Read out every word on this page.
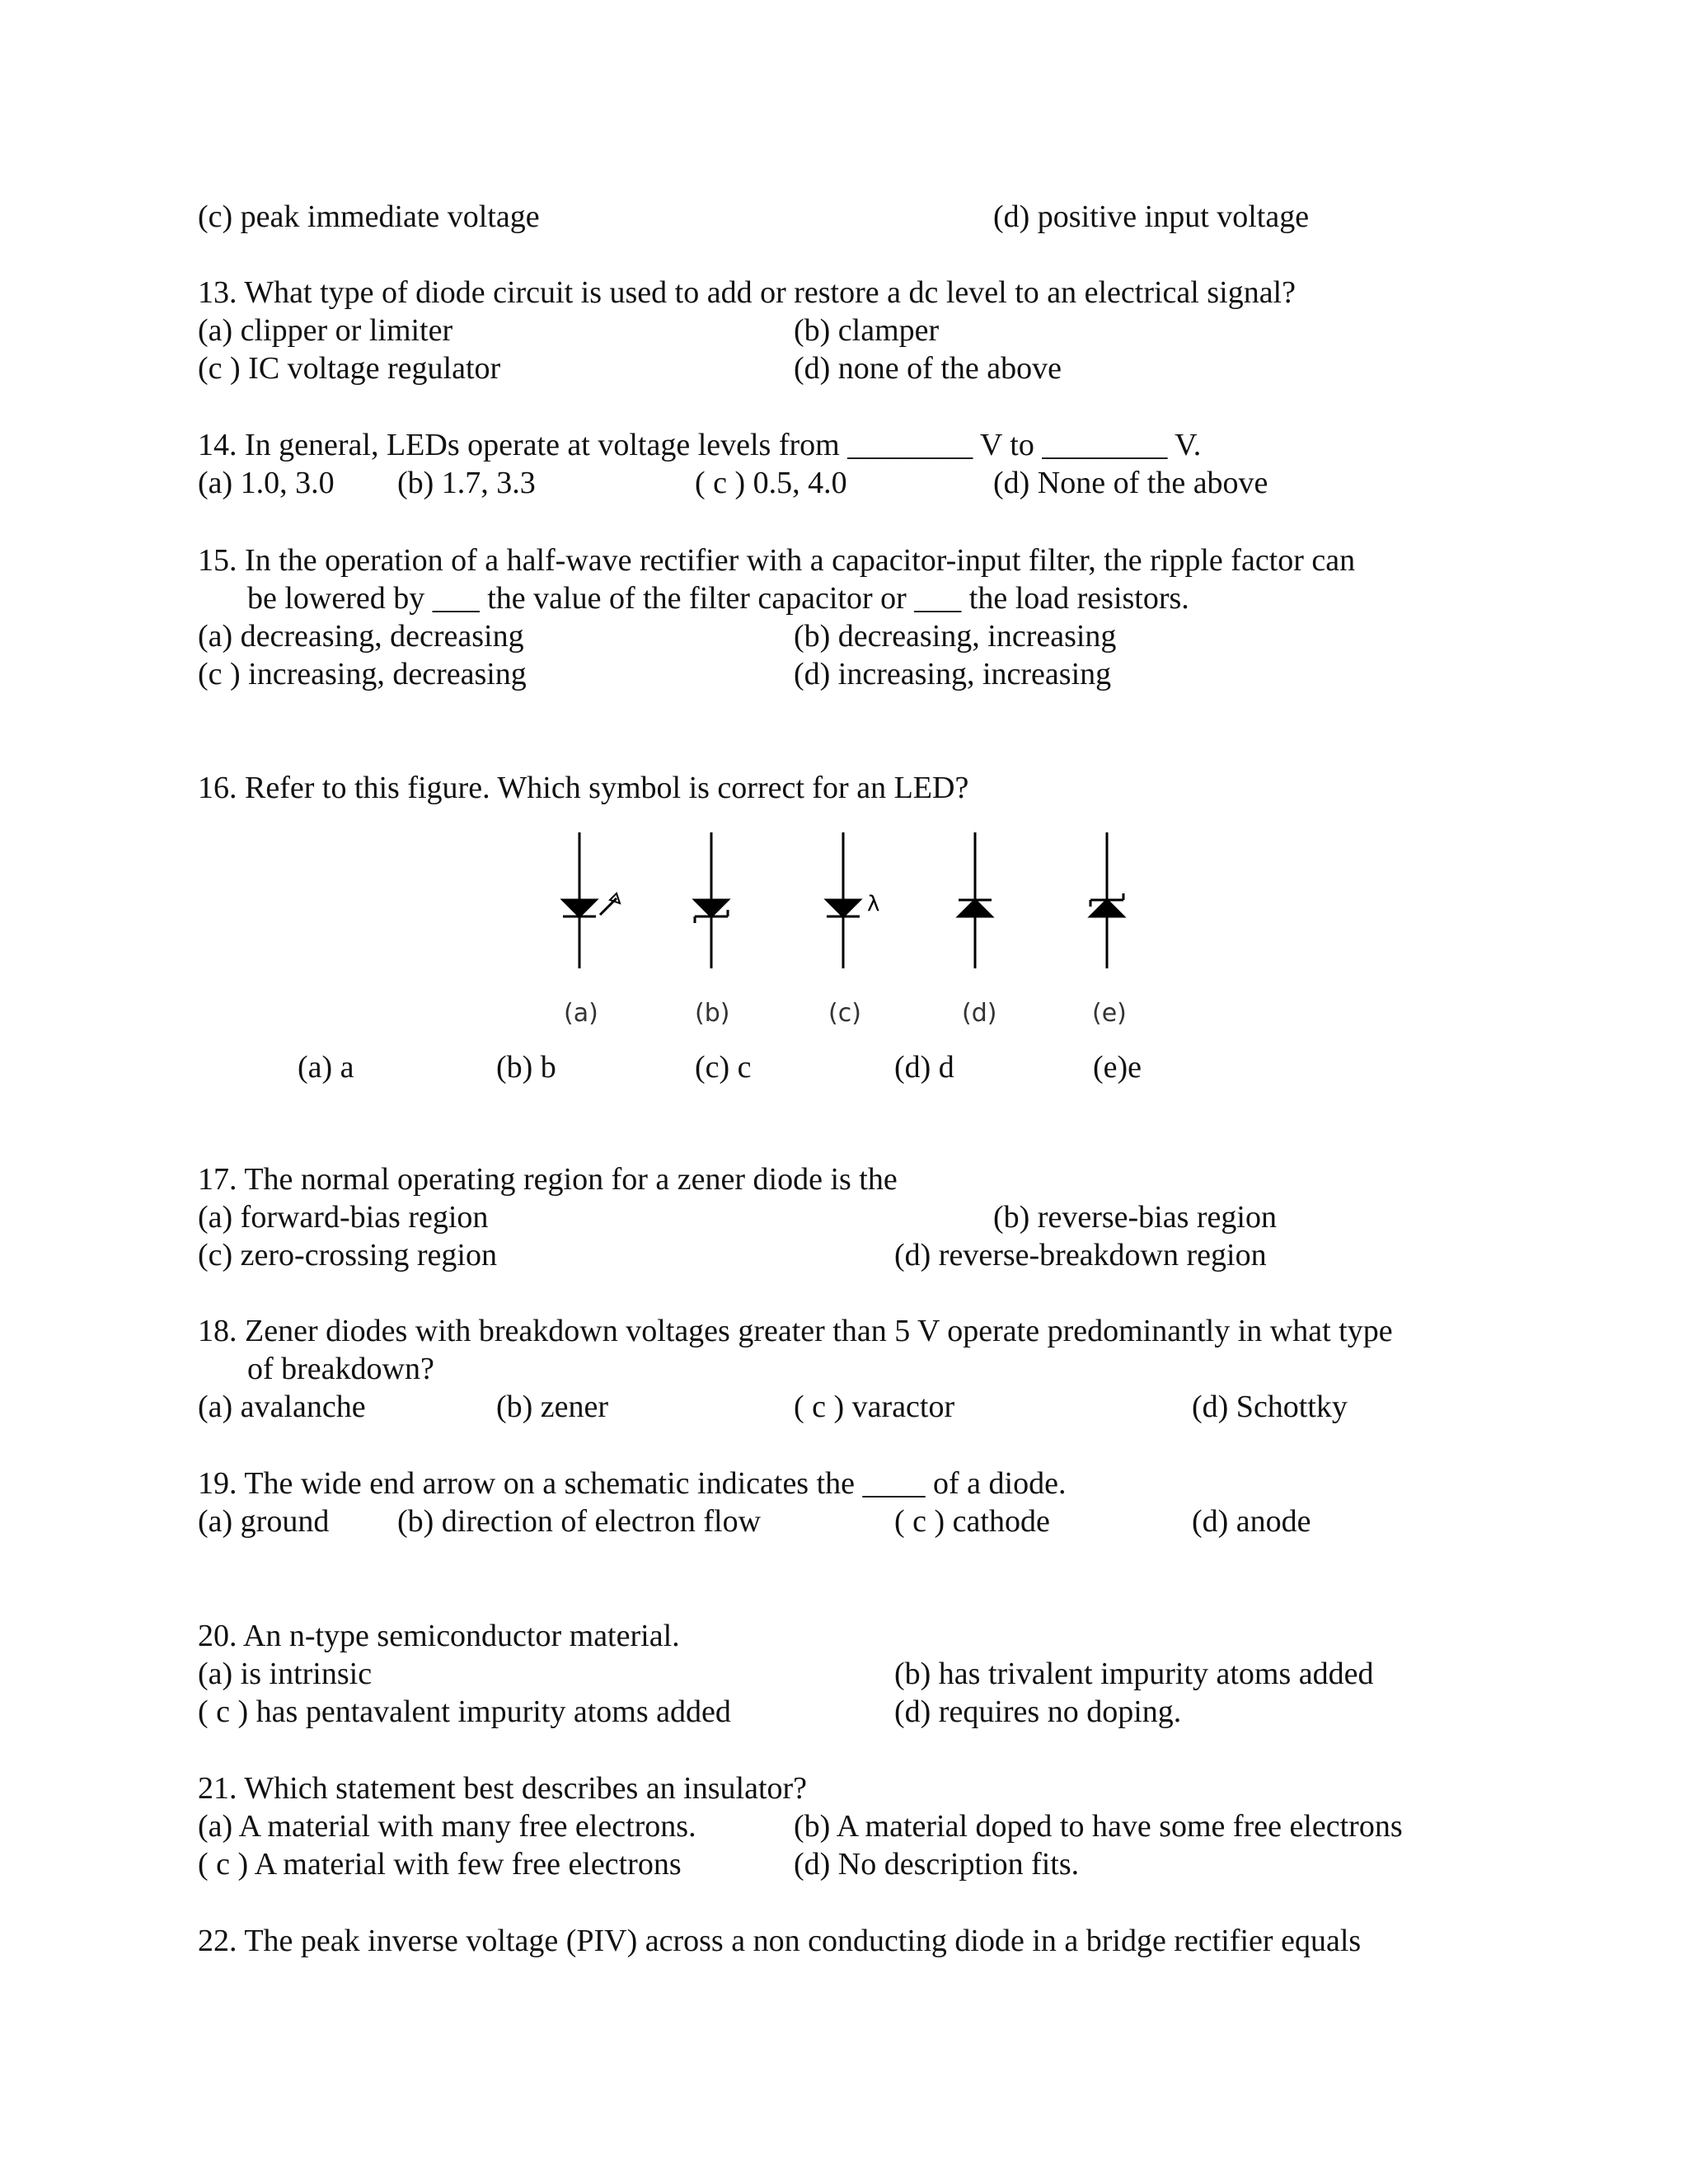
(c) peak immediate voltage	(d) positive input voltage
13. What type of diode circuit is used to add or restore a dc level to an electrical signal?
(a) clipper or limiter	(b) clamper
(c ) IC voltage regulator	(d) none of the above
14. In general, LEDs operate at voltage levels from ________ V to ________ V.
(a) 1.0, 3.0 (b) 1.7, 3.3	( c ) 0.5, 4.0	(d) None of the above
15. In the operation of a half-wave rectifier with a capacitor-input filter, the ripple factor can
be lowered by ___ the value of the filter capacitor or ___ the load resistors.
(a) decreasing, decreasing	(b) decreasing, increasing
(c ) increasing, decreasing	(d) increasing, increasing
16. Refer to this figure. Which symbol is correct for an LED?
λ
(a)	(b)	(c)	(d)	(e)
(a) a	(b) b	(c) c	(d) d	(e)e
17. The normal operating region for a zener diode is the
(a) forward-bias region	(b) reverse-bias region
(c) zero-crossing region	(d) reverse-breakdown region
18. Zener diodes with breakdown voltages greater than 5 V operate predominantly in what type
of breakdown?
(a) avalanche	(b) zener	( c ) varactor	(d) Schottky
19. The wide end arrow on a schematic indicates the ____ of a diode.
(a) ground (b) direction of electron flow	( c ) cathode	(d) anode
20. An n-type semiconductor material.
(a) is intrinsic	(b) has trivalent impurity atoms added
( c ) has pentavalent impurity atoms added	(d) requires no doping.
21. Which statement best describes an insulator?
(a) A material with many free electrons.	(b) A material doped to have some free electrons
( c ) A material with few free electrons	(d) No description fits.
22. The peak inverse voltage (PIV) across a non conducting diode in a bridge rectifier equals
